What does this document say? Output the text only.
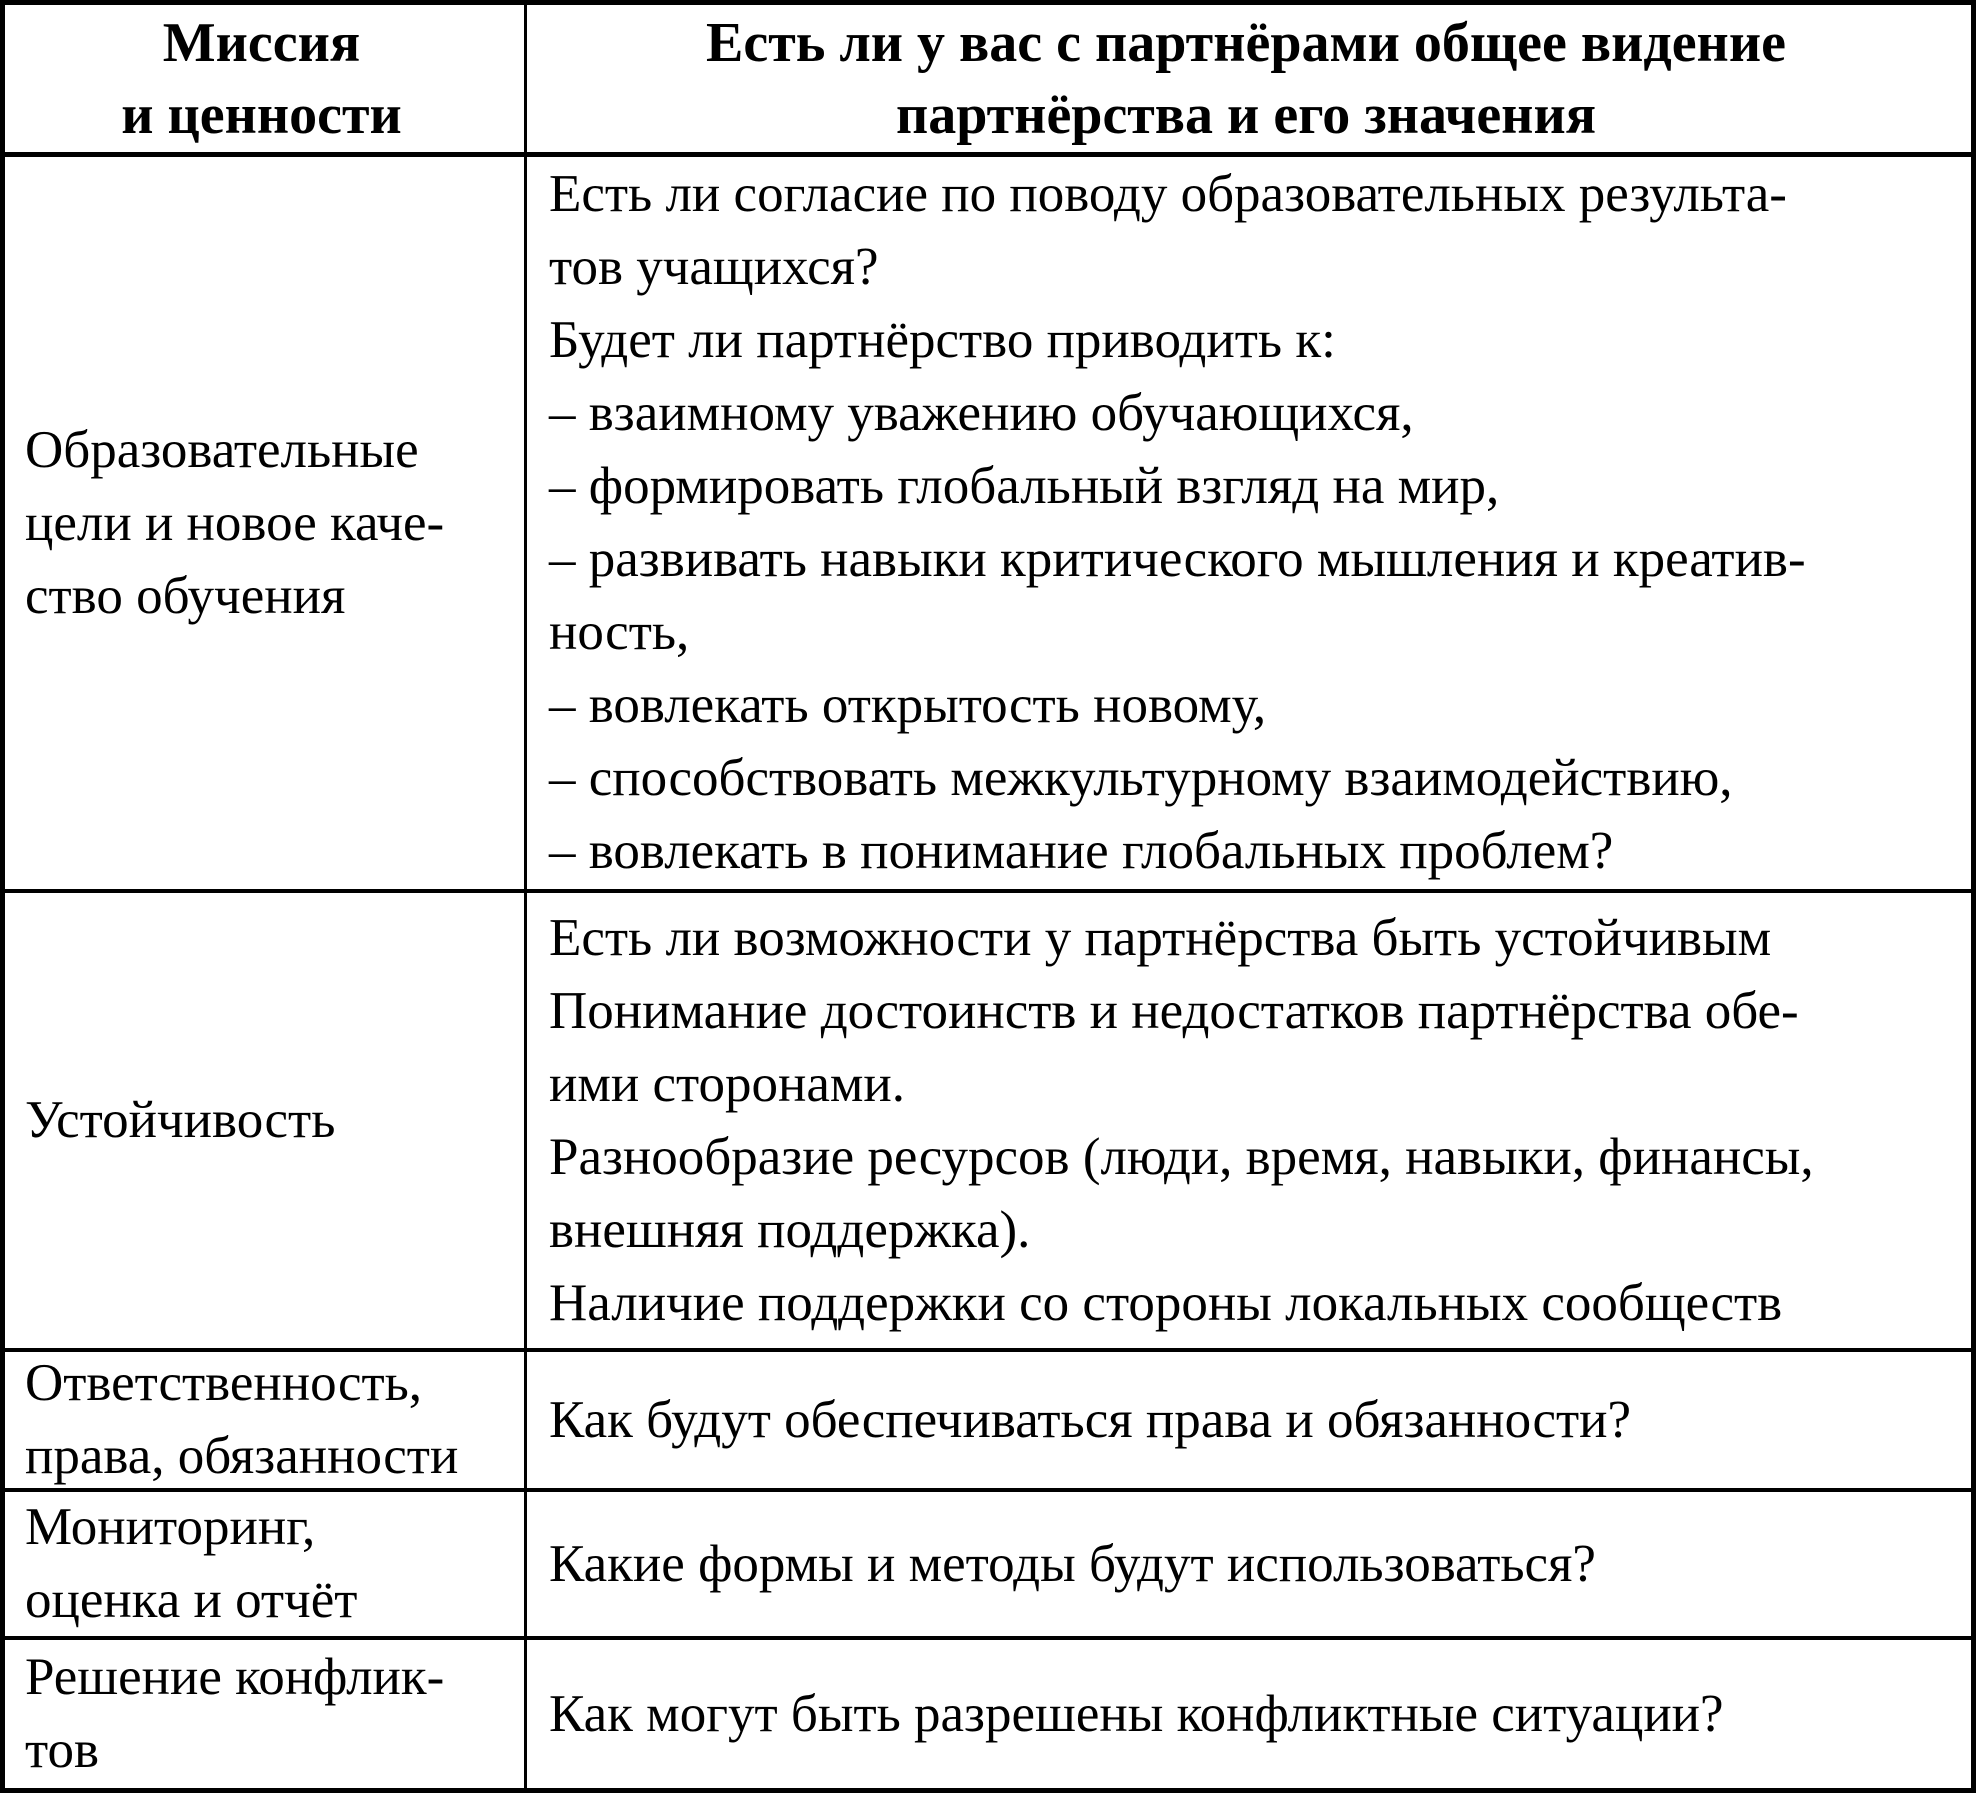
Миссия
и ценности
Есть ли у вас с партнёрами общее видение
партнёрства и его значения
Образовательные
цели и новое каче-
ство обучения
Есть ли согласие по поводу образовательных результа-
тов учащихся?
Будет ли партнёрство приводить к:
– взаимному уважению обучающихся,
– формировать глобальный взгляд на мир,
– развивать навыки критического мышления и креатив-
ность,
– вовлекать открытость новому,
– способствовать межкультурному взаимодействию,
– вовлекать в понимание глобальных проблем?
Устойчивость
Есть ли возможности у партнёрства быть устойчивым
Понимание достоинств и недостатков партнёрства обе-
ими сторонами.
Разнообразие ресурсов (люди, время, навыки, финансы,
внешняя поддержка).
Наличие поддержки со стороны локальных сообществ
Ответственность,
права, обязанности
Как будут обеспечиваться права и обязанности?
Мониторинг,
оценка и отчёт
Какие формы и методы будут использоваться?
Решение конфлик-
тов
Как могут быть разрешены конфликтные ситуации?
